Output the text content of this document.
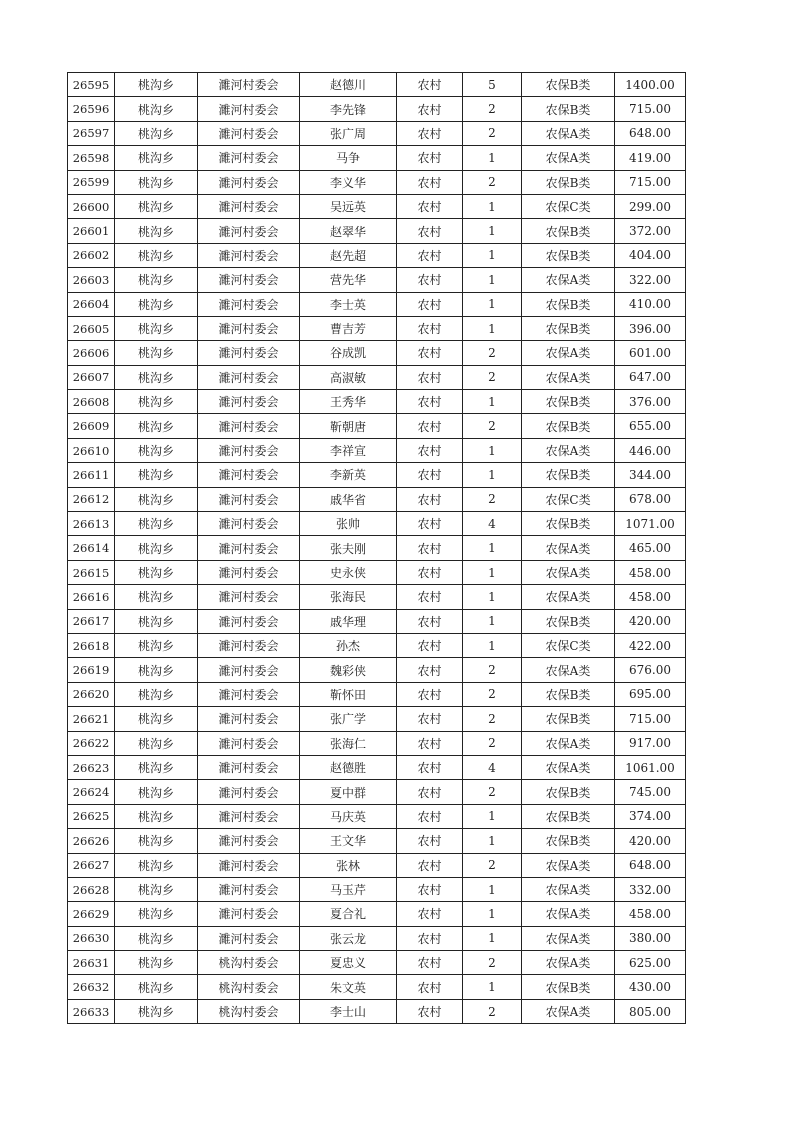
26595	桃沟乡	濉河村委会	赵德川	农村	5	农保B类	1400.00
26596	桃沟乡	濉河村委会	李先锋	农村	2	农保B类	715.00
26597	桃沟乡	濉河村委会	张广周	农村	2	农保A类	648.00
26598	桃沟乡	濉河村委会	马争	农村	1	农保A类	419.00
26599	桃沟乡	濉河村委会	李义华	农村	2	农保B类	715.00
26600	桃沟乡	濉河村委会	吴远英	农村	1	农保C类	299.00
26601	桃沟乡	濉河村委会	赵翠华	农村	1	农保B类	372.00
26602	桃沟乡	濉河村委会	赵先超	农村	1	农保B类	404.00
26603	桃沟乡	濉河村委会	营先华	农村	1	农保A类	322.00
26604	桃沟乡	濉河村委会	李士英	农村	1	农保B类	410.00
26605	桃沟乡	濉河村委会	曹吉芳	农村	1	农保B类	396.00
26606	桃沟乡	濉河村委会	谷成凯	农村	2	农保A类	601.00
26607	桃沟乡	濉河村委会	高淑敏	农村	2	农保A类	647.00
26608	桃沟乡	濉河村委会	王秀华	农村	1	农保B类	376.00
26609	桃沟乡	濉河村委会	靳朝唐	农村	2	农保B类	655.00
26610	桃沟乡	濉河村委会	李祥宣	农村	1	农保A类	446.00
26611	桃沟乡	濉河村委会	李新英	农村	1	农保B类	344.00
26612	桃沟乡	濉河村委会	戚华省	农村	2	农保C类	678.00
26613	桃沟乡	濉河村委会	张帅	农村	4	农保B类	1071.00
26614	桃沟乡	濉河村委会	张夫刚	农村	1	农保A类	465.00
26615	桃沟乡	濉河村委会	史永侠	农村	1	农保A类	458.00
26616	桃沟乡	濉河村委会	张海民	农村	1	农保A类	458.00
26617	桃沟乡	濉河村委会	戚华理	农村	1	农保B类	420.00
26618	桃沟乡	濉河村委会	孙杰	农村	1	农保C类	422.00
26619	桃沟乡	濉河村委会	魏彩侠	农村	2	农保A类	676.00
26620	桃沟乡	濉河村委会	靳怀田	农村	2	农保B类	695.00
26621	桃沟乡	濉河村委会	张广学	农村	2	农保B类	715.00
26622	桃沟乡	濉河村委会	张海仁	农村	2	农保A类	917.00
26623	桃沟乡	濉河村委会	赵德胜	农村	4	农保A类	1061.00
26624	桃沟乡	濉河村委会	夏中群	农村	2	农保B类	745.00
26625	桃沟乡	濉河村委会	马庆英	农村	1	农保B类	374.00
26626	桃沟乡	濉河村委会	王文华	农村	1	农保B类	420.00
26627	桃沟乡	濉河村委会	张林	农村	2	农保A类	648.00
26628	桃沟乡	濉河村委会	马玉芹	农村	1	农保A类	332.00
26629	桃沟乡	濉河村委会	夏合礼	农村	1	农保A类	458.00
26630	桃沟乡	濉河村委会	张云龙	农村	1	农保A类	380.00
26631	桃沟乡	桃沟村委会	夏忠义	农村	2	农保A类	625.00
26632	桃沟乡	桃沟村委会	朱文英	农村	1	农保B类	430.00
26633	桃沟乡	桃沟村委会	李士山	农村	2	农保A类	805.00
